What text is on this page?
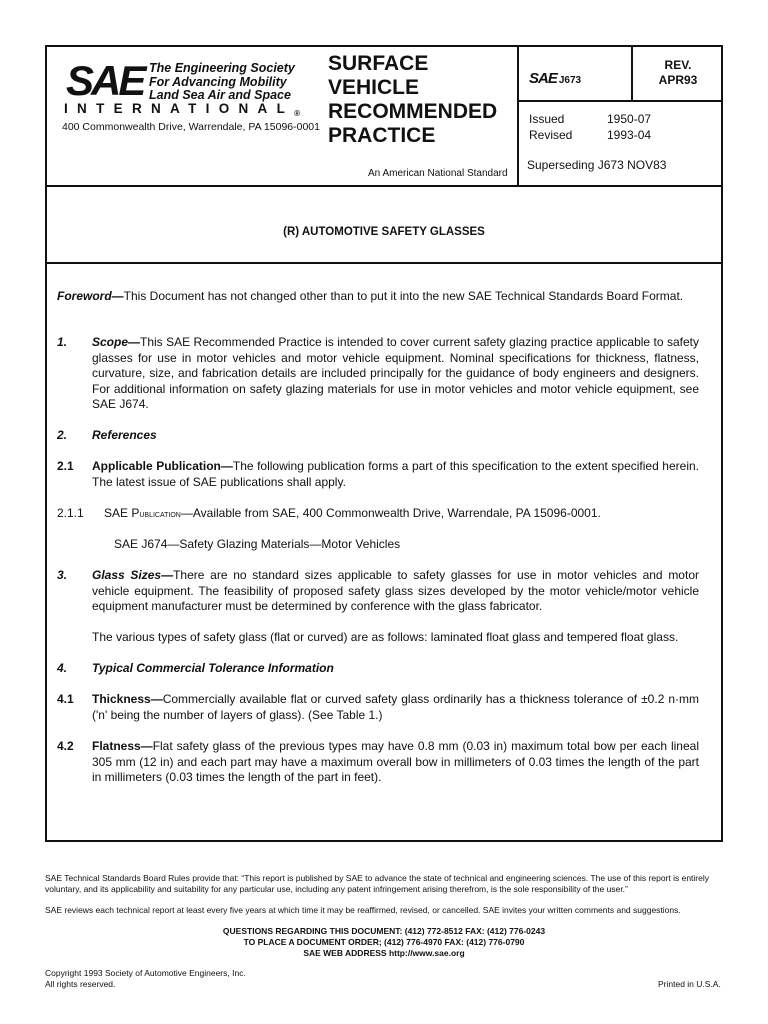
SAE The Engineering Society
For Advancing Mobility
Land Sea Air and Space
$INTERNATIONAL_®$
400 Commonwealth Drive, Warrendale, PA 15096-0001
SURFACE
VEHICLE
RECOMMENDED
PRACTICE
An American National Standard
SAE J673
REV.
APR93
Issued	1950-07
Revised	1993-04
Superseding J673 NOV83
(R) AUTOMOTIVE SAFETY GLASSES
Foreword—This Document has not changed other than to put it into the new SAE Technical Standards Board Format.
1. Scope—This SAE Recommended Practice is intended to cover current safety glazing practice applicable to safety glasses for use in motor vehicles and motor vehicle equipment. Nominal specifications for thickness, flatness, curvature, size, and fabrication details are included principally for the guidance of body engineers and designers. For additional information on safety glazing materials for use in motor vehicles and motor vehicle equipment, see SAE J674.
2. References
2.1 Applicable Publication—The following publication forms a part of this specification to the extent specified herein. The latest issue of SAE publications shall apply.
2.1.1 SAE Publication—Available from SAE, 400 Commonwealth Drive, Warrendale, PA 15096-0001.
SAE J674—Safety Glazing Materials—Motor Vehicles
3. Glass Sizes—There are no standard sizes applicable to safety glasses for use in motor vehicles and motor vehicle equipment. The feasibility of proposed safety glass sizes developed by the motor vehicle/motor vehicle equipment manufacturer must be determined by conference with the glass fabricator.
The various types of safety glass (flat or curved) are as follows: laminated float glass and tempered float glass.
4. Typical Commercial Tolerance Information
4.1 Thickness—Commercially available flat or curved safety glass ordinarily has a thickness tolerance of ±0.2 n·mm ('n' being the number of layers of glass). (See Table 1.)
4.2 Flatness—Flat safety glass of the previous types may have 0.8 mm (0.03 in) maximum total bow per each lineal 305 mm (12 in) and each part may have a maximum overall bow in millimeters of 0.03 times the length of the part in millimeters (0.03 times the length of the part in feet).
SAE Technical Standards Board Rules provide that: “This report is published by SAE to advance the state of technical and engineering sciences. The use of this report is entirely voluntary, and its applicability and suitability for any particular use, including any patent infringement arising therefrom, is the sole responsibility of the user.”
SAE reviews each technical report at least every five years at which time it may be reaffirmed, revised, or cancelled. SAE invites your written comments and suggestions.
QUESTIONS REGARDING THIS DOCUMENT: (412) 772-8512 FAX: (412) 776-0243
TO PLACE A DOCUMENT ORDER; (412) 776-4970 FAX: (412) 776-0790
SAE WEB ADDRESS http://www.sae.org
Copyright 1993 Society of Automotive Engineers, Inc.
All rights reserved.	Printed in U.S.A.
